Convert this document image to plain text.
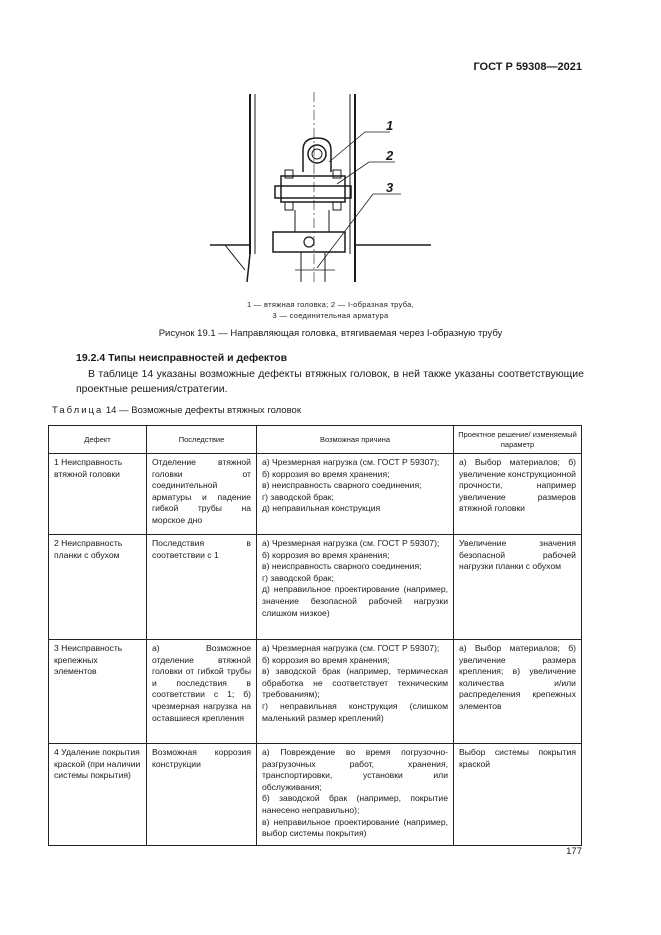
ГОСТ Р 59308—2021
1
2
3
1 — втяжная головка; 2 — I-образная труба,
3 — соединительная арматура
Рисунок 19.1 — Направляющая головка, втягиваемая через I-образную трубу
19.2.4 Типы неисправностей и дефектов
В таблице 14 указаны возможные дефекты втяжных головок, в ней также указаны соответствующие проектные решения/стратегии.
Таблица 14 — Возможные дефекты втяжных головок
Дефект	Последствие	Возможная причина	Проектное решение/ изменяемый параметр
1 Неисправность втяжной головки	Отделение втяжной головки от соединительной арматуры и падение гибкой трубы на морское дно	а) Чрезмерная нагрузка (см. ГОСТ Р 59307);
б) коррозия во время хранения;
в) неисправность сварного соединения;
г) заводской брак;
д) неправильная конструкция	а) Выбор материалов; б) увеличение конструкционной прочности, например увеличение размеров втяжной головки
2 Неисправность планки с обухом	Последствия в соответствии с 1	а) Чрезмерная нагрузка (см. ГОСТ Р 59307);
б) коррозия во время хранения;
в) неисправность сварного соединения;
г) заводской брак;
д) неправильное проектирование (например, значение безопасной рабочей нагрузки слишком низкое)	Увеличение значения безопасной рабочей нагрузки планки с обухом
3 Неисправность крепежных элементов	а) Возможное отделение втяжной головки от гибкой трубы и последствия в соответствии с 1; б) чрезмерная нагрузка на оставшиеся крепления	а) Чрезмерная нагрузка (см. ГОСТ Р 59307);
б) коррозия во время хранения;
в) заводской брак (например, термическая обработка не соответствует техническим требованиям);
г) неправильная конструкция (слишком маленький размер креплений)	а) Выбор материалов; б) увеличение размера крепления; в) увеличение количества и/или распределения крепежных элементов
4 Удаление покрытия краской (при наличии системы покрытия)	Возможная коррозия конструкции	а) Повреждение во время погрузочно-разгрузочных работ, хранения, транспортировки, установки или обслуживания;
б) заводской брак (например, покрытие нанесено неправильно);
в) неправильное проектирование (например, выбор системы покрытия)	Выбор системы покрытия краской
177
